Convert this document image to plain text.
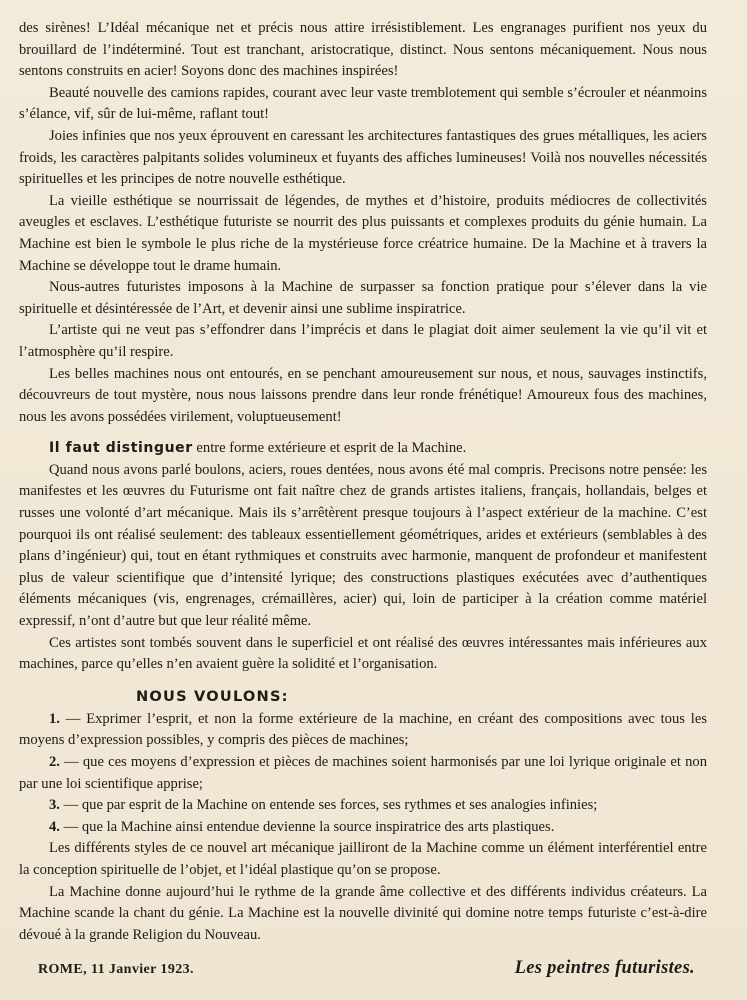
des sirènes! L’Idéal mécanique net et précis nous attire irrésistiblement. Les engranages purifient nos yeux du brouillard de l’indéterminé. Tout est tranchant, aristocratique, distinct. Nous sentons mécaniquement. Nous nous sentons construits en acier! Soyons donc des machines inspirées!

Beauté nouvelle des camions rapides, courant avec leur vaste tremblotement qui semble s’écrouler et néanmoins s’élance, vif, sûr de lui-même, raflant tout!

Joies infinies que nos yeux éprouvent en caressant les architectures fantastiques des grues métalliques, les aciers froids, les caractères palpitants solides volumineux et fuyants des affiches lumineuses! Voilà nos nouvelles nécessités spirituelles et les principes de notre nouvelle esthétique.

La vieille esthétique se nourrissait de légendes, de mythes et d’histoire, produits médiocres de collectivités aveugles et esclaves. L’esthétique futuriste se nourrit des plus puissants et complexes produits du génie humain. La Machine est bien le symbole le plus riche de la mystérieuse force créatrice humaine. De la Machine et à travers la Machine se développe tout le drame humain.

Nous-autres futuristes imposons à la Machine de surpasser sa fonction pratique pour s’élever dans la vie spirituelle et désintéressée de l’Art, et devenir ainsi une sublime inspiratrice.

L’artiste qui ne veut pas s’effondrer dans l’imprécis et dans le plagiat doit aimer seulement la vie qu’il vit et l’atmosphère qu’il respire.

Les belles machines nous ont entourés, en se penchant amoureusement sur nous, et nous, sauvages instinctifs, découvreurs de tout mystère, nous nous laissons prendre dans leur ronde frénétique! Amoureux fous des machines, nous les avons possédées virilement, voluptueusement!

Il faut distinguer entre forme extérieure et esprit de la Machine.

Quand nous avons parlé boulons, aciers, roues dentées, nous avons été mal compris. Precisons notre pensée: les manifestes et les œuvres du Futurisme ont fait naître chez de grands artistes italiens, français, hollandais, belges et russes une volonté d’art mécanique. Mais ils s’arrêtèrent presque toujours à l’aspect extérieur de la machine. C’est pourquoi ils ont réalisé seulement: des tableaux essentiellement géométriques, arides et extérieurs (semblables à des plans d’ingénieur) qui, tout en étant rythmiques et construits avec harmonie, manquent de profondeur et manifestent plus de valeur scientifique que d’intensité lyrique; des constructions plastiques exécutées avec d’authentiques éléments mécaniques (vis, engrenages, crémaillères, acier) qui, loin de participer à la création comme matériel expressif, n’ont d’autre but que leur réalité même.

Ces artistes sont tombés souvent dans le superficiel et ont réalisé des œuvres intéressantes mais inférieures aux machines, parce qu’elles n’en avaient guère la solidité et l’organisation.

NOUS VOULONS:

1. — Exprimer l’esprit, et non la forme extérieure de la machine, en créant des compositions avec tous les moyens d’expression possibles, y compris des pièces de machines;

2. — que ces moyens d’expression et pièces de machines soient harmonisés par une loi lyrique originale et non par une loi scientifique apprise;

3. — que par esprit de la Machine on entende ses forces, ses rythmes et ses analogies infinies;

4. — que la Machine ainsi entendue devienne la source inspiratrice des arts plastiques.

Les différents styles de ce nouvel art mécanique jailliront de la Machine comme un élément interférentiel entre la conception spirituelle de l’objet, et l’idéal plastique qu’on se propose.

La Machine donne aujourd’hui le rythme de la grande âme collective et des différents individus créateurs. La Machine scande la chant du génie. La Machine est la nouvelle divinité qui domine notre temps futuriste c’est-à-dire dévoué à la grande Religion du Nouveau.

ROME, 11 Janvier 1923.	Les peintres futuristes.
